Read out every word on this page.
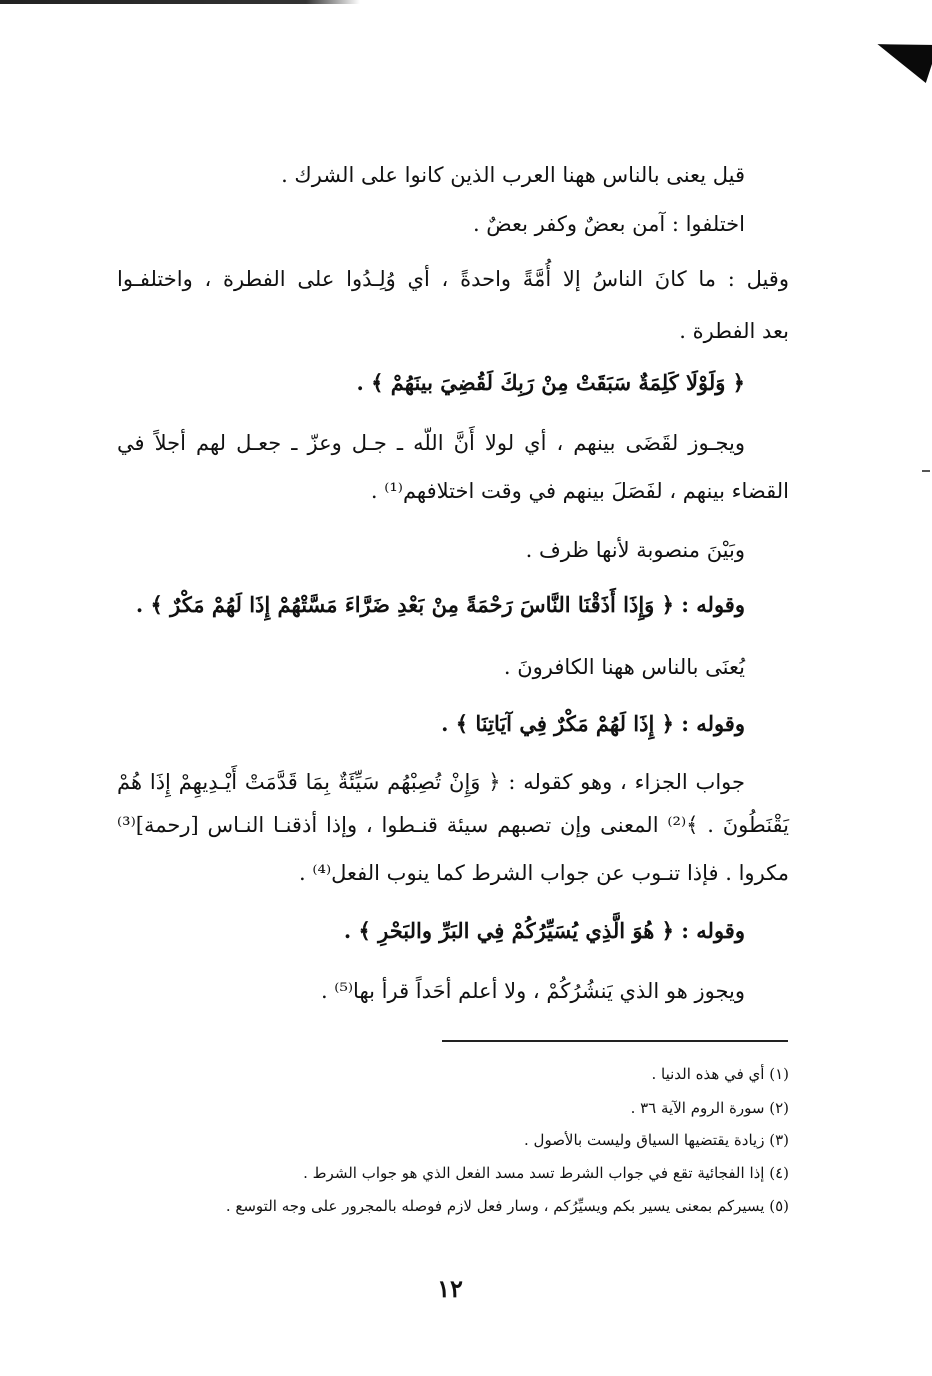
قيل يعنى بالناس ههنا العرب الذين كانوا على الشرك .
اختلفوا : آمن بعضٌ وكفر بعضٌ .
وقيل : ما كانَ الناسُ إلا أُمَّةً واحدةً ، أي وُلِـدُوا على الفطرة ، واختلفـوا
بعد الفطرة .
﴿ وَلَوْلَا كَلِمَةٌ سَبَقَتْ مِنْ رَبِكَ لَقُضِيَ بينَهُمْ ﴾ .
ويجـوز لقَضَى بينهم ، أي لولا أَنَّ اللّه ـ جـل وعزّ ـ جعـل لهم أجلاً في
القضاء بينهم ، لفَصَلَ بينهم في وقت اختلافهم⁽¹⁾ .
وبَيْنَ منصوبة لأنها ظرف .
وقوله : ﴿ وَإِذَا أَذَقْنَا النَّاسَ رَحْمَةً مِنْ بَعْدِ ضَرَّاءَ مَسَّتْهُمْ إِذَا لَهُمْ مَكْرٌ ﴾ .
يُعنَى بالناس ههنا الكافرونَ .
وقوله : ﴿ إِذَا لَهُمْ مَكْرٌ فِي آيَاتِنَا ﴾ .
جواب الجزاء ، وهو كقوله : ﴿ وَإِنْ تُصِبْهُم سَيِّئَةٌ بِمَا قَدَّمَتْ أَيْـدِيهِمْ إِذَا هُمْ
يَقْنَطُونَ . ﴾⁽²⁾ المعنى وإن تصبهم سيئة قنـطوا ، وإذا أذقنـا النـاس [رحمة]⁽³⁾
مكروا . فإذا تنـوب عن جواب الشرط كما ينوب الفعل⁽⁴⁾ .
وقوله : ﴿ هُوَ الَّذِي يُسَيِّرُكُمْ فِي البَرِّ والبَحْرِ ﴾ .
ويجوز هو الذي يَنشُرُكُمْ ، ولا أعلم أحَداً قرأ بها⁽⁵⁾ .
(١) أي في هذه الدنيا .
(٢) سورة الروم الآية ٣٦ .
(٣) زيادة يقتضيها السياق وليست بالأصول .
(٤) إذا الفجائية تقع في جواب الشرط تسد مسد الفعل الذي هو جواب الشرط .
(٥) يسيركم بمعنى يسير بكم ويسيِّرُكم ، وسار فعل لازم فوصله بالمجرور على وجه التوسع .
١٢
